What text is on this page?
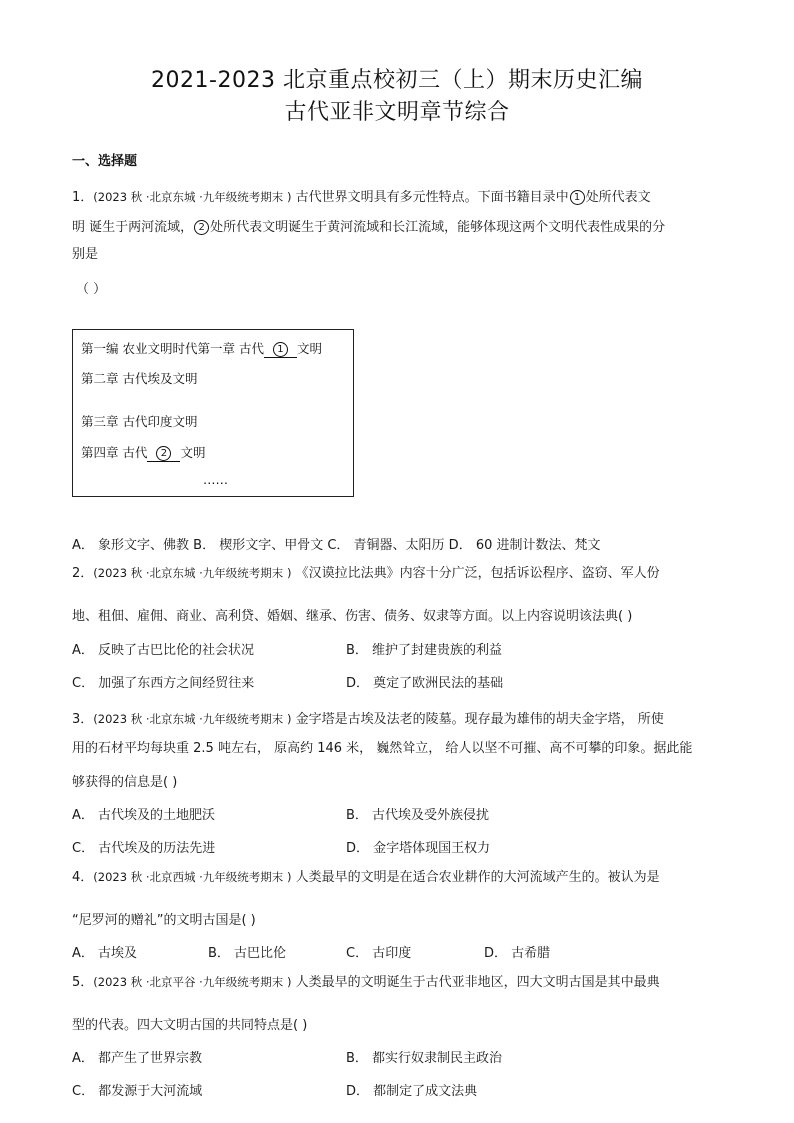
2021-2023 北京重点校初三（上）期末历史汇编
古代亚非文明章节综合
一、选择题
1．(2023 秋 ·北京东城 ·九年级统考期末 ) 古代世界文明具有多元性特点。下面书籍目录中 1 处所代表文
明 诞生于两河流域， 2 处所代表文明诞生于黄河流域和长江流域，能够体现这两个文明代表性成果的分
别是
（ ）
第一编 农业文明时代第一章 古代 1 文明
第二章 古代埃及文明
第三章 古代印度文明
第四章 古代 2 文明
……
A． 象形文字、佛教 B． 楔形文字、甲骨文 C． 青铜器、太阳历 D． 60 进制计数法、梵文
2．(2023 秋 ·北京东城 ·九年级统考期末 ) 《汉谟拉比法典》内容十分广泛，包括诉讼程序、盗窃、军人份
地、租佃、雇佣、商业、高利贷、婚姻、继承、伤害、债务、奴隶等方面。以上内容说明该法典( )
A． 反映了古巴比伦的社会状况	B． 维护了封建贵族的利益
C． 加强了东西方之间经贸往来	D． 奠定了欧洲民法的基础
3．(2023 秋 ·北京东城 ·九年级统考期末 ) 金字塔是古埃及法老的陵墓。现存最为雄伟的胡夫金字塔， 所使
用的石材平均每块重 2.5 吨左右， 原高约 146 米， 巍然耸立， 给人以坚不可摧、高不可攀的印象。据此能
够获得的信息是( )
A． 古代埃及的土地肥沃	B． 古代埃及受外族侵扰
C． 古代埃及的历法先进	D． 金字塔体现国王权力
4．(2023 秋 ·北京西城 ·九年级统考期末 ) 人类最早的文明是在适合农业耕作的大河流域产生的。被认为是
“尼罗河的赠礼”的文明古国是( )
A． 古埃及	B． 古巴比伦	C． 古印度	D． 古希腊
5．(2023 秋 ·北京平谷 ·九年级统考期末 ) 人类最早的文明诞生于古代亚非地区，四大文明古国是其中最典
型的代表。四大文明古国的共同特点是( )
A． 都产生了世界宗教	B． 都实行奴隶制民主政治
C． 都发源于大河流域	D． 都制定了成文法典
